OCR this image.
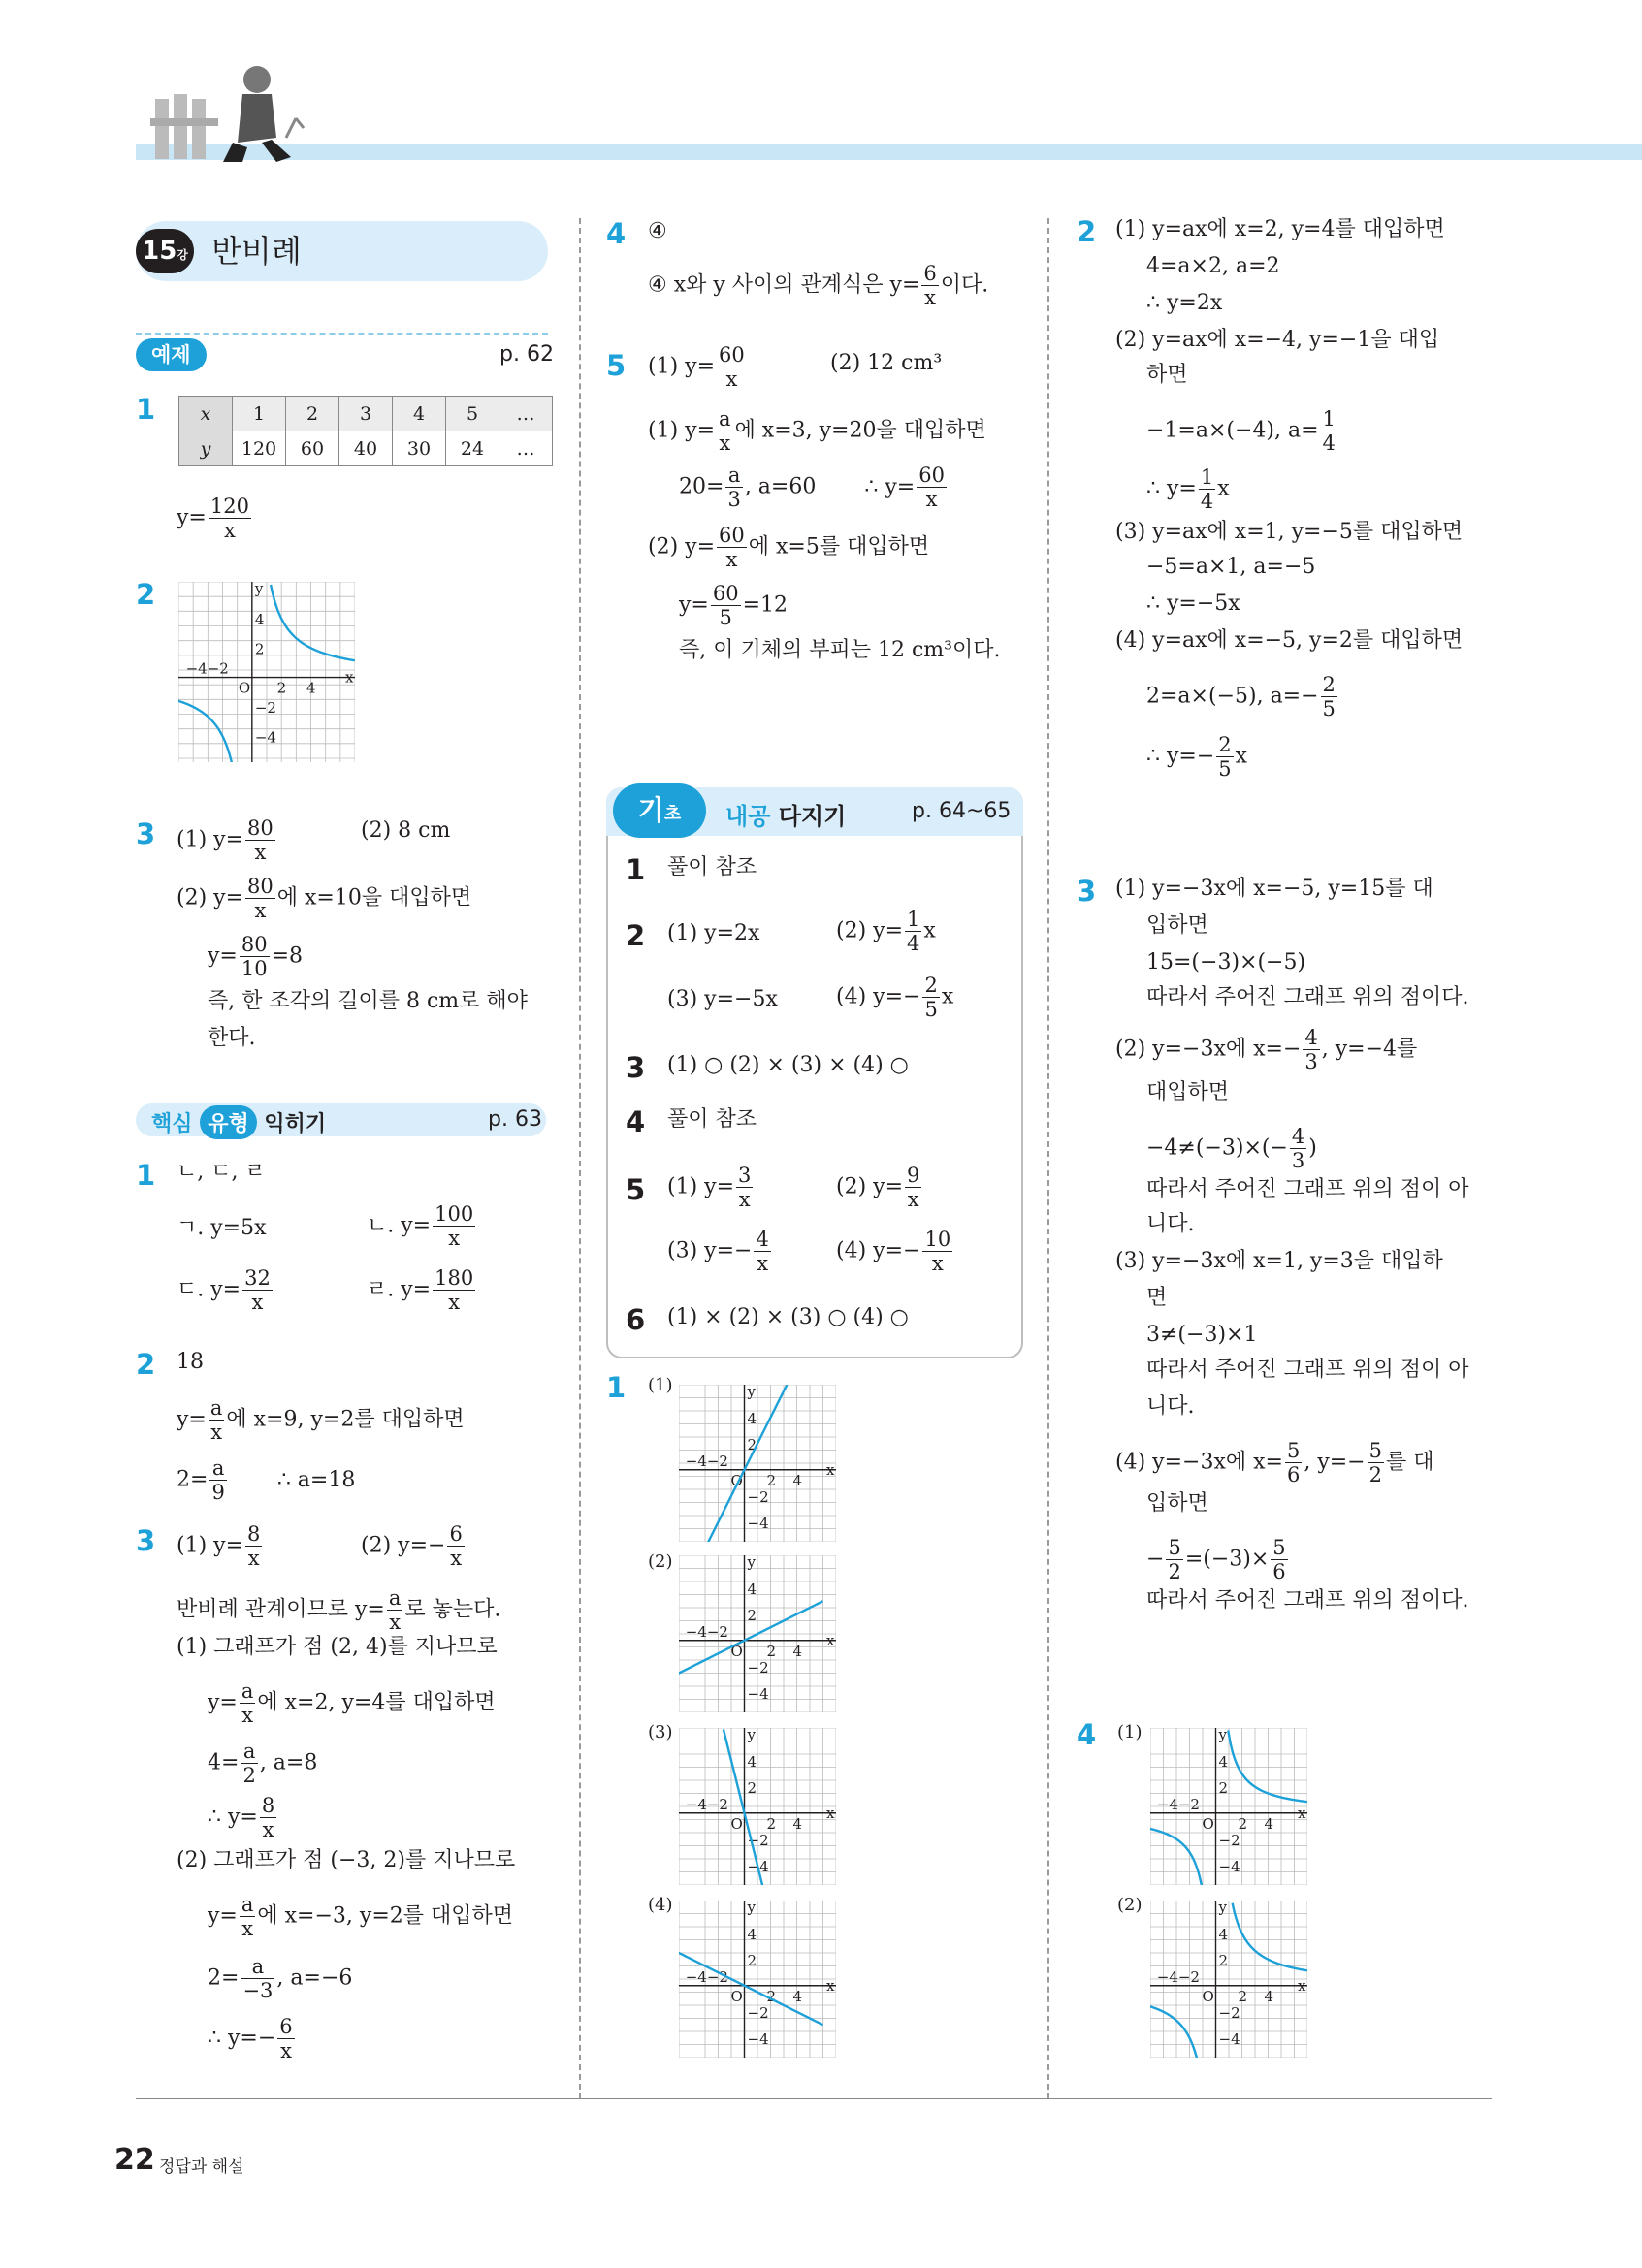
15강 반비례
예제	p. 62
1 x	1	2	3	4	5	…
y	120	60	40	30	24	…
$y= \frac{120}{x}$
2
x
y
O
4
2
−4−2
2 4
−2
−4
3 (1) $y= \frac{80}{x}$	(2) 8 cm
(2) $y= \frac{80}{x}$ 에 x=10을 대입하면
$y= \frac{80}{10} =8$
즉, 한 조각의 길이를 8 cm로 해야
한다.
핵심 유형 익히기	p. 63
1 ㄴ, ㄷ, ㄹ
ㄱ. y=5x	ㄴ. $y= \frac{100}{x}$
ㄷ. $y= \frac{32}{x}$	ㄹ. $y= \frac{180}{x}$
2 18
$y= \frac{a}{x}$ 에 x=9, y=2를 대입하면
$2= \frac{a}{9}$ ∴ a=18
3 (1) $y= \frac{8}{x}$	(2) $y=- \frac{6}{x}$
반비례 관계이므로 $y= \frac{a}{x}$ 로 놓는다.
(1) 그래프가 점 (2, 4)를 지나므로
$y= \frac{a}{x}$ 에 x=2, y=4를 대입하면
$4= \frac{a}{2}$ , a=8
∴ $y= \frac{8}{x}$
(2) 그래프가 점 (−3, 2)를 지나므로
$y= \frac{a}{x}$ 에 x=−3, y=2를 대입하면
$2= \frac{a}{-3}$ , a=−6
∴ $y=- \frac{6}{x}$
4 ④
④ x와 y 사이의 관계식은 $y= \frac{6}{x}$ 이다.
5 (1) $y= \frac{60}{x}$	(2) 12 cm³
(1) $y= \frac{a}{x}$ 에 x=3, y=20을 대입하면
$20= \frac{a}{3}$ , a=60 ∴ $y= \frac{60}{x}$
(2) $y= \frac{60}{x}$ 에 x=5를 대입하면
$y= \frac{60}{5} =12$
즉, 이 기체의 부피는 12 cm³이다.
기초	내공 다지기	p. 64~65
1 풀이 참조
2 (1) y=2x	(2) $y= \frac{1}{4}$ x
(3) y=−5x	(4) $y=- \frac{2}{5}$ x
3 (1) ○ (2) × (3) × (4) ○
4 풀이 참조
5 (1) $y= \frac{3}{x}$	(2) $y= \frac{9}{x}$
(3) $y=- \frac{4}{x}$	(4) $y=- \frac{10}{x}$
6 (1) × (2) × (3) ○ (4) ○
1 (1)
x
y
O
4
2
−4−2
2 4
−2
−4
(2)
x
y
O
4
2
−4−2
2 4
−2
−4
(3)
x
y
O
4
2
−4−2
2 4
−2
−4
(4)
x
y
O
4
2
−4−2
2 4
−2
−4
2 (1) y=ax에 x=2, y=4를 대입하면
4=a×2, a=2
∴ y=2x
(2) y=ax에 x=−4, y=−1을 대입
하면
−1=a×(−4), $a= \frac{1}{4}$
∴ $y= \frac{1}{4}$ x
(3) y=ax에 x=1, y=−5를 대입하면
−5=a×1, a=−5
∴ y=−5x
(4) y=ax에 x=−5, y=2를 대입하면
2=a×(−5), $a=- \frac{2}{5}$
∴ $y=- \frac{2}{5}$ x
3 (1) y=−3x에 x=−5, y=15를 대
입하면
15=(−3)×(−5)
따라서 주어진 그래프 위의 점이다.
(2) y=−3x에 $x=- \frac{4}{3}$ , y=−4를
대입하면
$-4\ne(-3)\times(- \frac{4}{3}$ )
따라서 주어진 그래프 위의 점이 아
니다.
(3) y=−3x에 x=1, y=3을 대입하
면
3≠(−3)×1
따라서 주어진 그래프 위의 점이 아
니다.
(4) y=−3x에 $x= \frac{5}{6}$ , $y=- \frac{5}{2}$ 를 대
입하면
− $\frac{5}{2} =(-3)\times \frac{5}{6}$
따라서 주어진 그래프 위의 점이다.
4 (1)
x
y
O
4
2
−4−2
2 4
−2
−4
(2)
x
y
O
4
2
−4−2
2 4
−2
−4
22 정답과 해설
